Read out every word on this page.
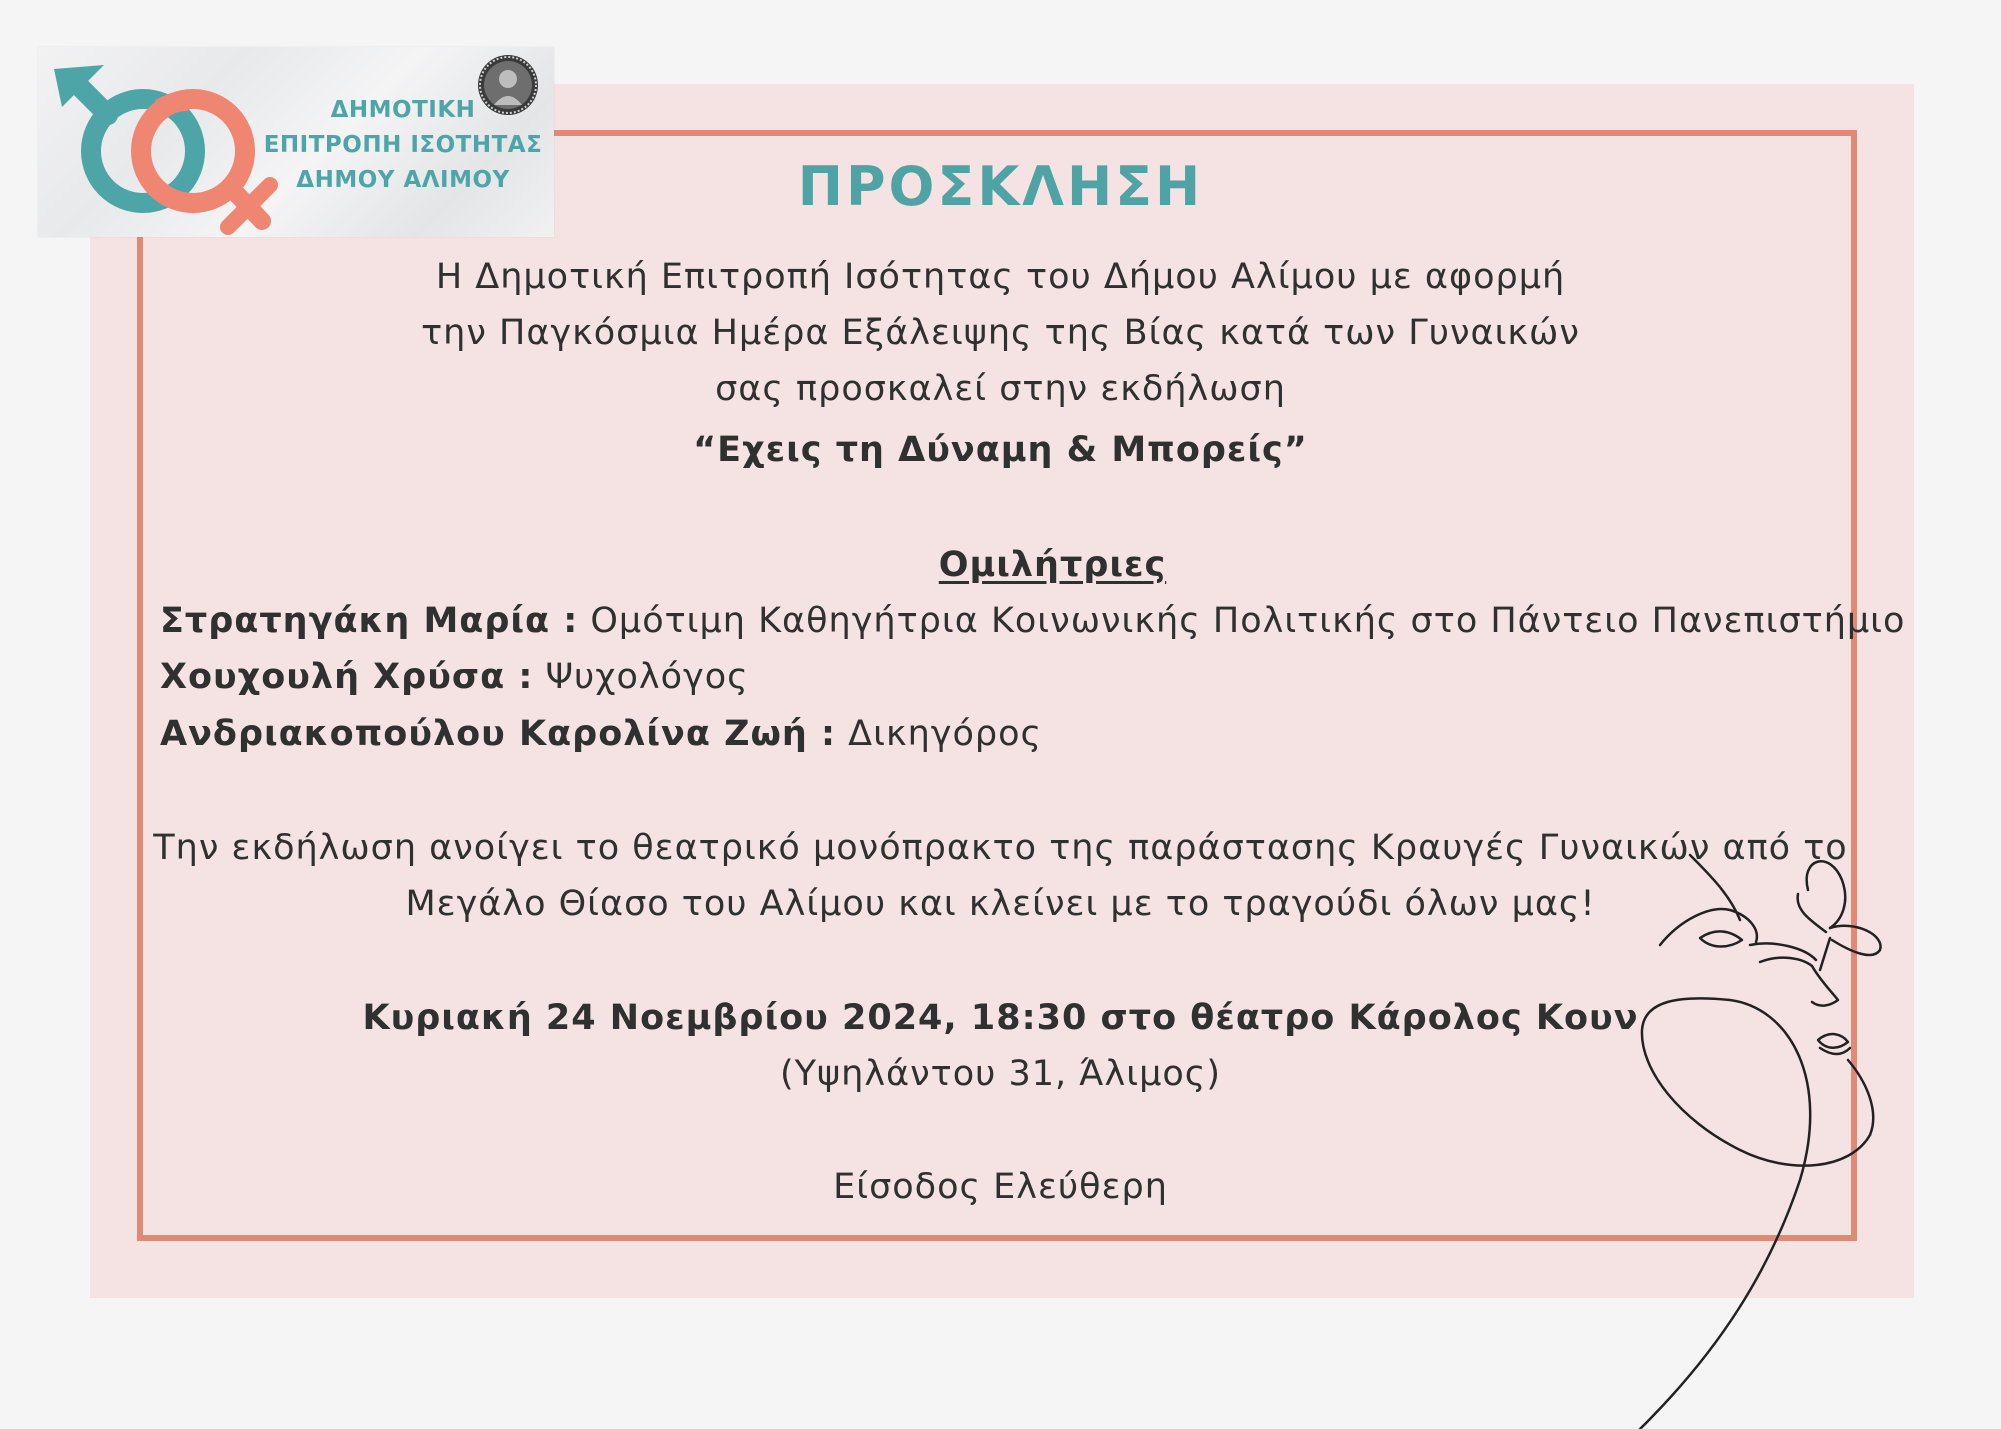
ΔΗΜΟΤΙΚΗ
ΕΠΙΤΡΟΠΗ ΙΣΟΤΗΤΑΣ
ΔΗΜΟΥ ΑΛΙΜΟΥ	ΠΡΟΣΚΛΗΣΗ
Η Δημοτική Επιτροπή Ισότητας του Δήμου Αλίμου με αφορμή
την Παγκόσμια Ημέρα Εξάλειψης της Βίας κατά των Γυναικών
σας προσκαλεί στην εκδήλωση
“Εχεις τη Δύναμη & Μπορείς”
Ομιλήτριες
Στρατηγάκη Μαρία : Ομότιμη Καθηγήτρια Κοινωνικής Πολιτικής στο Πάντειο Πανεπιστήμιο
Χουχουλή Χρύσα : Ψυχολόγος
Ανδριακοπούλου Καρολίνα Ζωή : Δικηγόρος
Την εκδήλωση ανοίγει το θεατρικό μονόπρακτο της παράστασης Κραυγές Γυναικών από το
Μεγάλο Θίασο του Αλίμου και κλείνει με το τραγούδι όλων μας!
Κυριακή 24 Νοεμβρίου 2024, 18:30 στο θέατρο Κάρολος Κουν
(Υψηλάντου 31, Άλιμος)
Είσοδος Ελεύθερη
